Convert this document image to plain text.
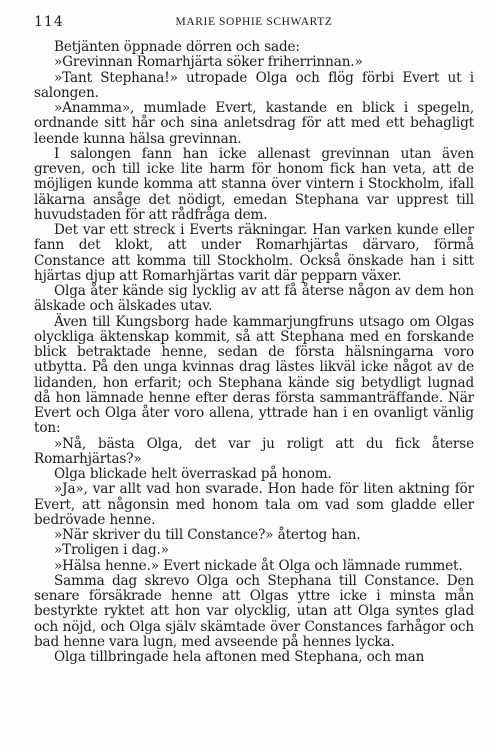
114	MARIE SOPHIE SCHWARTZ

Betjänten öppnade dörren och sade:

»Grevinnan Romarhjärta söker friherrinnan.»

»Tant Stephana!» utropade Olga och flög förbi Evert ut i salongen.

»Anamma», mumlade Evert, kastande en blick i spegeln, ordnande sitt hår och sina anletsdrag för att med ett behagligt leende kunna hälsa grevinnan.

I salongen fann han icke allenast grevinnan utan även greven, och till icke lite harm för honom fick han veta, att de möjligen kunde komma att stanna över vintern i Stockholm, ifall läkarna ansåge det nödigt, emedan Stephana var upprest till huvudstaden för att rådfråga dem.

Det var ett streck i Everts räkningar. Han varken kunde eller fann det klokt, att under Romarhjärtas därvaro, förmå Constance att komma till Stockholm. Också önskade han i sitt hjärtas djup att Romarhjärtas varit där pepparn växer.

Olga åter kände sig lycklig av att få återse någon av dem hon älskade och älskades utav.

Även till Kungsborg hade kammarjungfruns utsago om Olgas olyckliga äktenskap kommit, så att Stephana med en forskande blick betraktade henne, sedan de första hälsningarna voro utbytta. På den unga kvinnas drag lästes likväl icke något av de lidanden, hon erfarit; och Stephana kände sig betydligt lugnad då hon lämnade henne efter deras första sammanträffande. När Evert och Olga åter voro allena, yttrade han i en ovanligt vänlig ton:

»Nå, bästa Olga, det var ju roligt att du fick återse Romarhjärtas?»

Olga blickade helt överraskad på honom.

»Ja», var allt vad hon svarade. Hon hade för liten aktning för Evert, att någonsin med honom tala om vad som gladde eller bedrövade henne.

»När skriver du till Constance?» återtog han.

»Troligen i dag.»

»Hälsa henne.» Evert nickade åt Olga och lämnade rummet.

Samma dag skrevo Olga och Stephana till Constance. Den senare försäkrade henne att Olgas yttre icke i minsta mån bestyrkte ryktet att hon var olycklig, utan att Olga syntes glad och nöjd, och Olga själv skämtade över Constances farhågor och bad henne vara lugn, med avseende på hennes lycka.

Olga tillbringade hela aftonen med Stephana, och man
